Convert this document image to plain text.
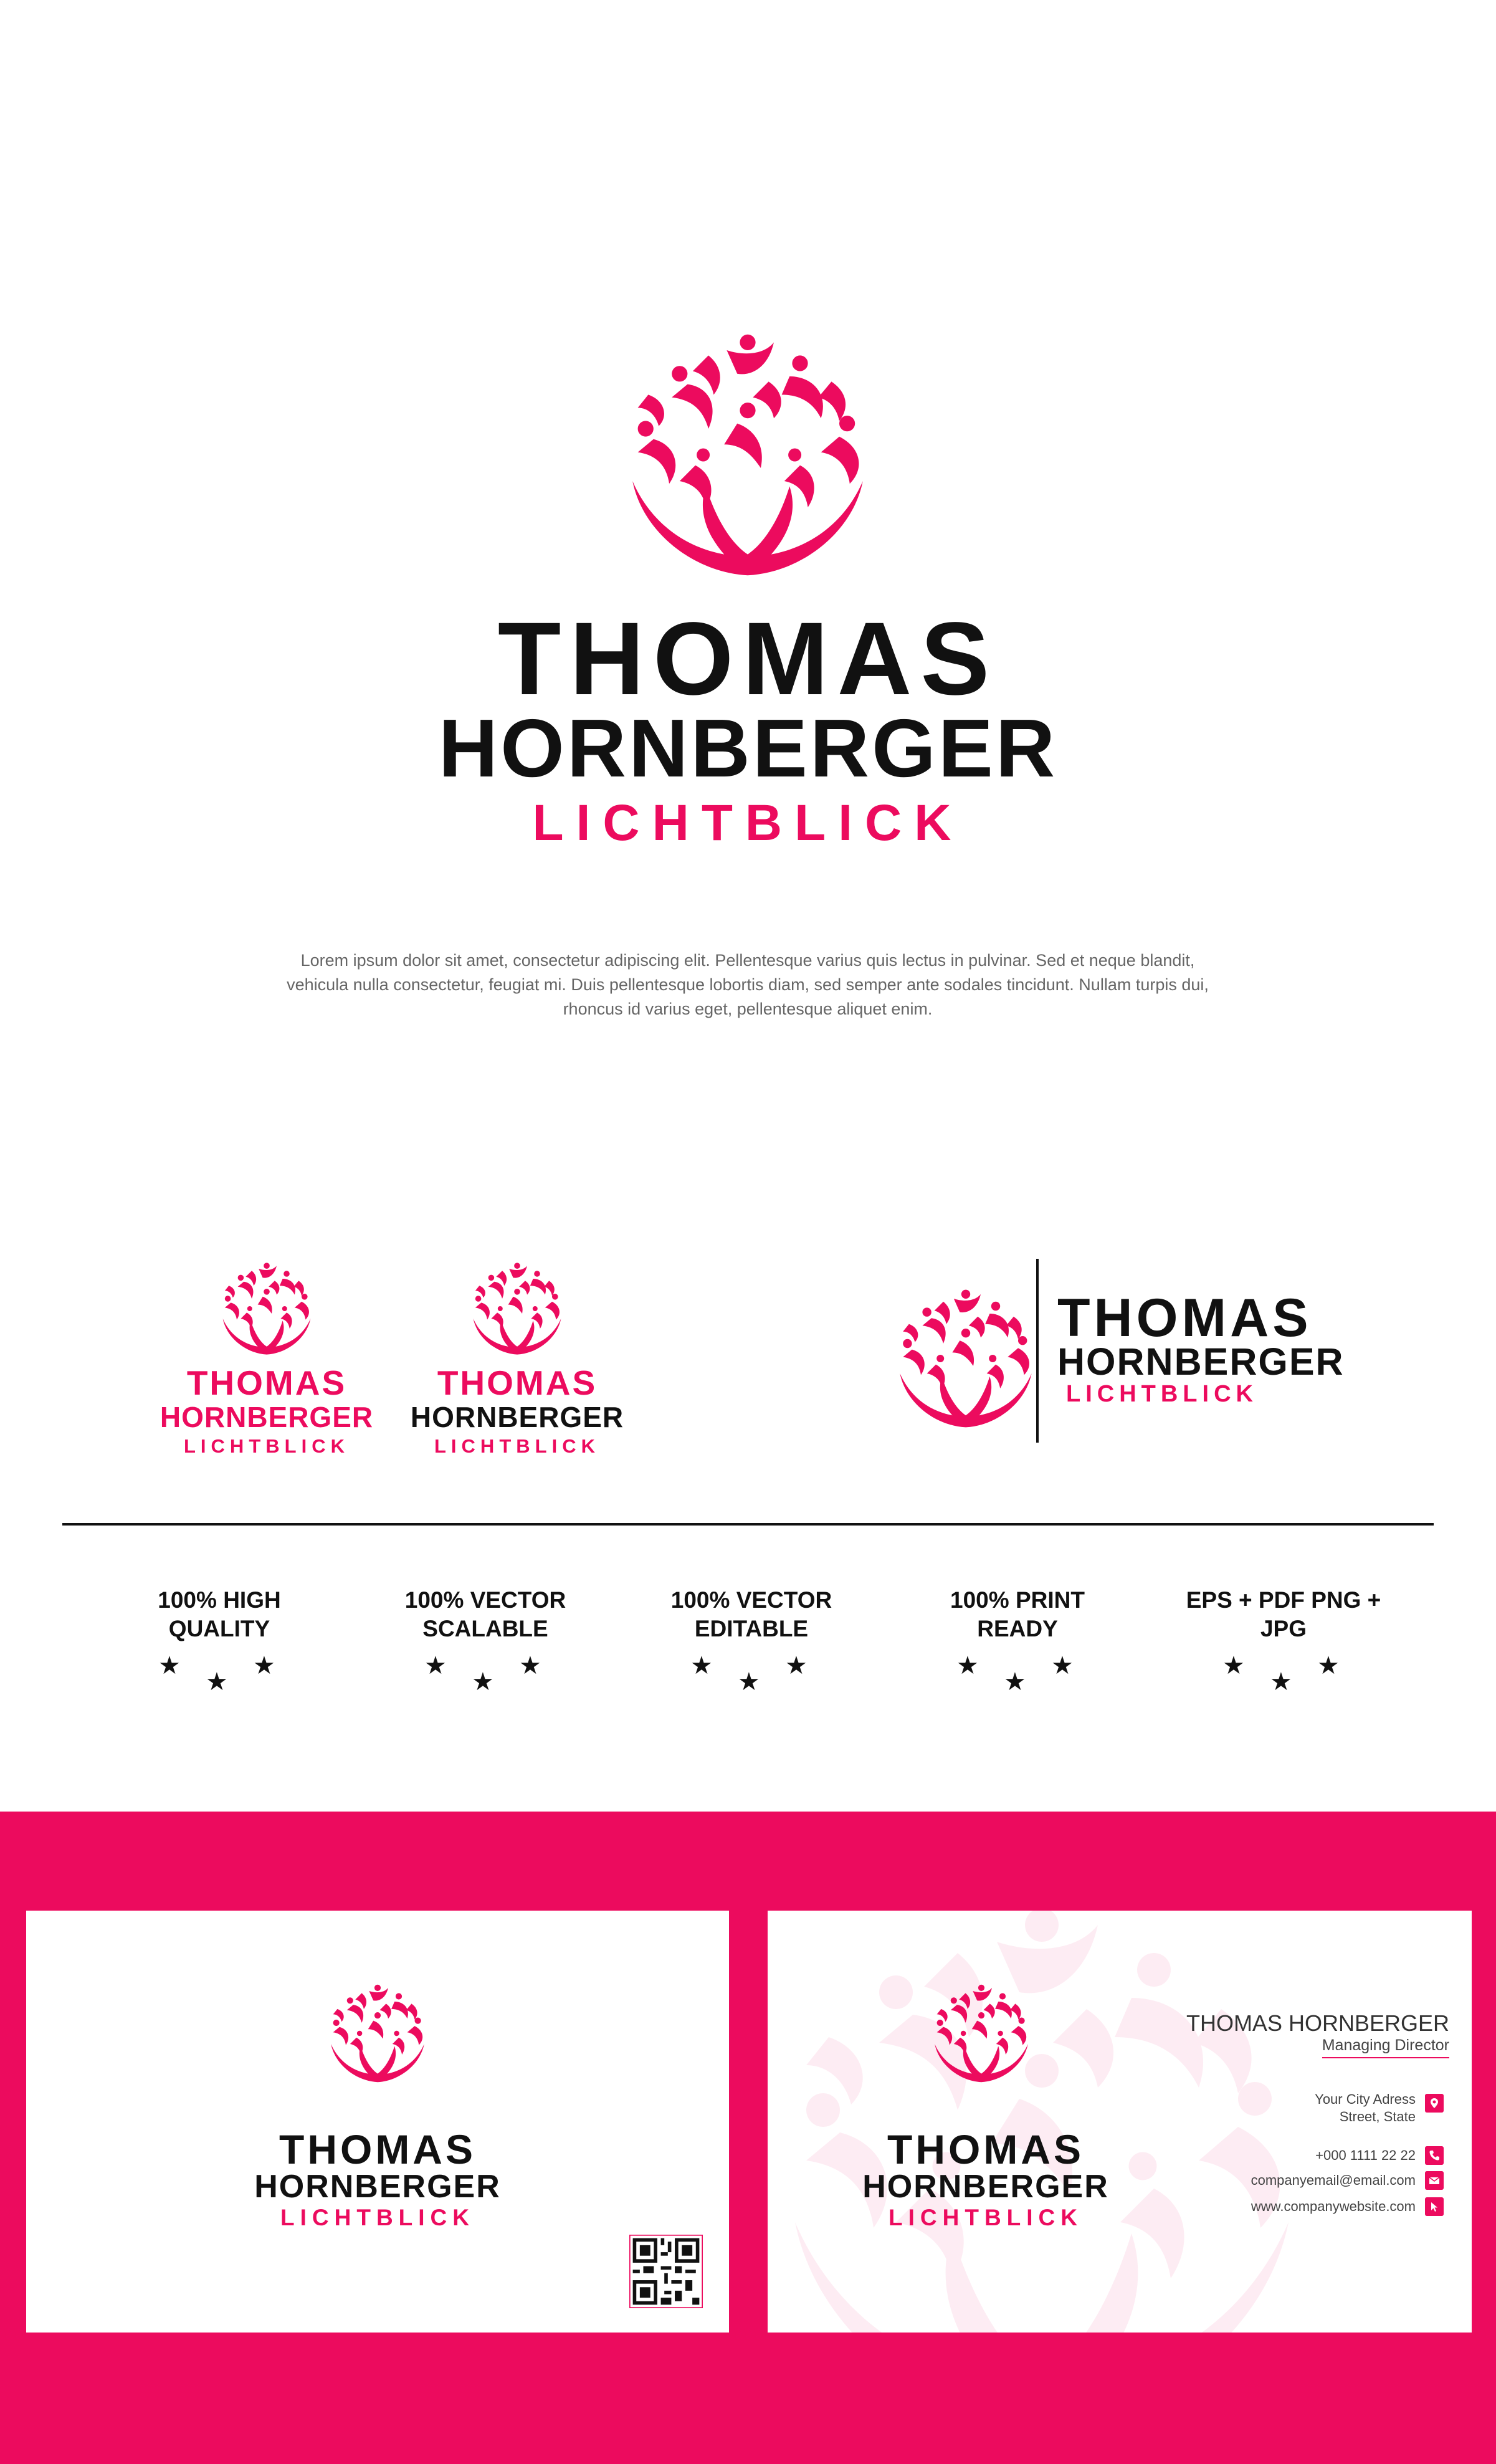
THOMAS
HORNBERGER
LICHTBLICK
Lorem ipsum dolor sit amet, consectetur adipiscing elit. Pellentesque varius quis lectus in pulvinar. Sed et neque blandit, vehicula nulla consectetur, feugiat mi. Duis pellentesque lobortis diam, sed semper ante sodales tincidunt. Nullam turpis dui, rhoncus id varius eget, pellentesque aliquet enim.
THOMAS
HORNBERGER
LICHTBLICK
THOMAS
HORNBERGER
LICHTBLICK
THOMAS
HORNBERGER
LICHTBLICK
100% HIGH QUALITY
★
★
★
100% VECTOR SCALABLE
★
★
★
100% VECTOR EDITABLE
★
★
★
100% PRINT READY
★
★
★
EPS + PDF PNG + JPG
★
★
★
THOMAS
HORNBERGER
LICHTBLICK
THOMAS
HORNBERGER
LICHTBLICK
THOMAS HORNBERGER
Managing Director
Your City Adress
Street, State
+000 1111 22 22
companyemail@email.com
www.companywebsite.com
